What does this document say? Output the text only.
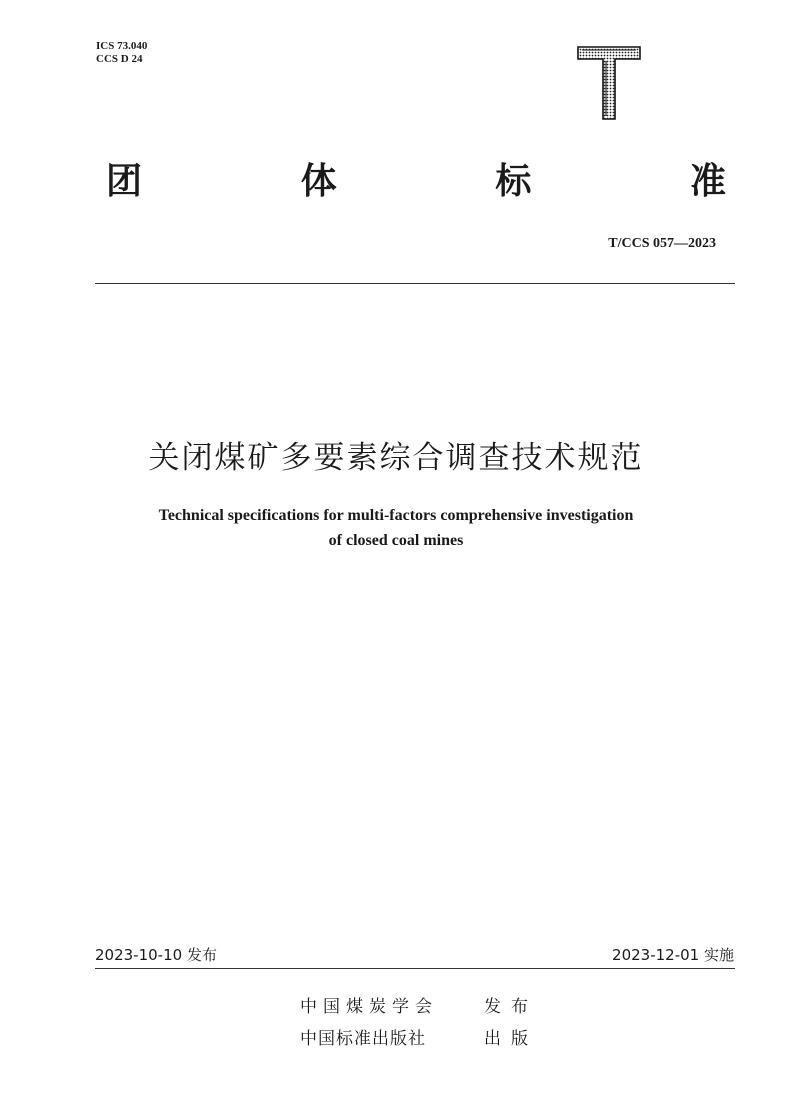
ICS 73.040
CCS D 24
团	体	标	准
T/CCS 057—2023
关闭煤矿多要素综合调查技术规范
Technical specifications for multi-factors comprehensive investigation
of closed coal mines
2023-10-10 发布	2023-12-01 实施
中国煤炭学会	发布
中国标准出版社	出版
